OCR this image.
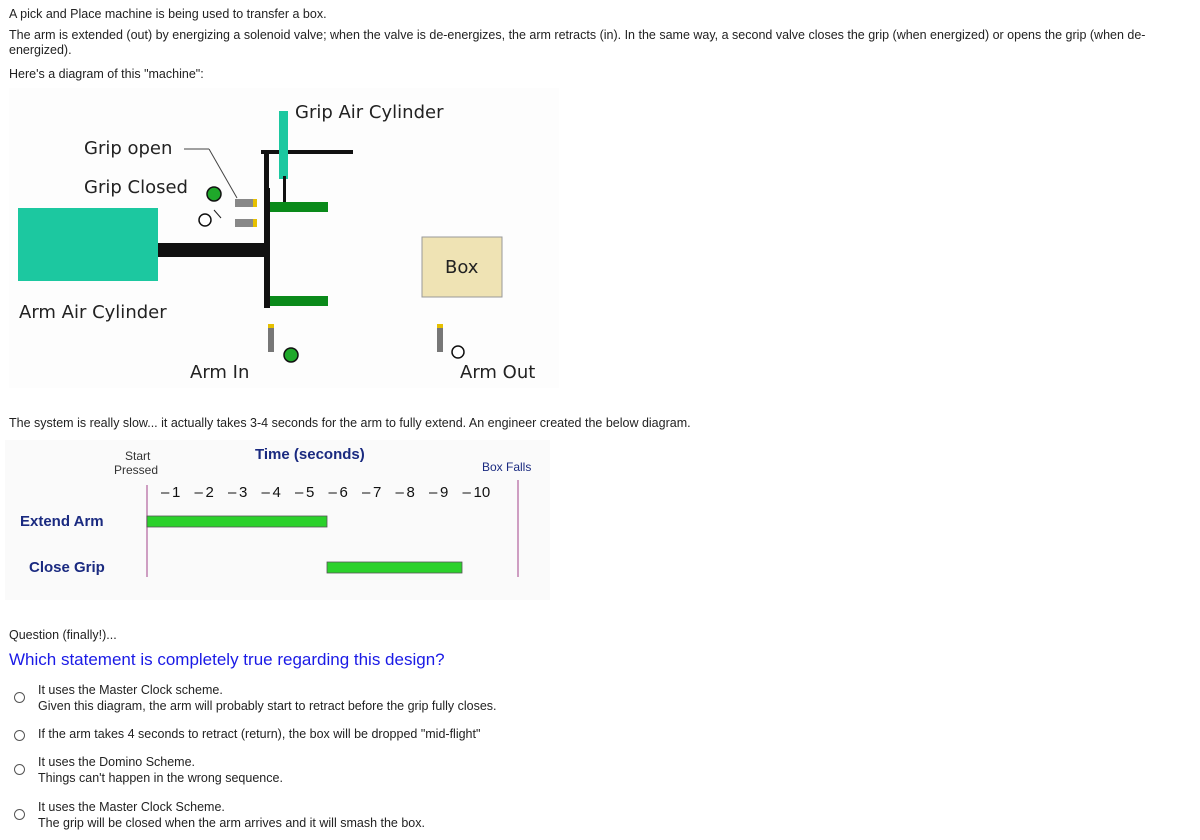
A pick and Place machine is being used to transfer a box.
The arm is extended (out) by energizing a solenoid valve; when the valve is de-energizes, the arm retracts (in). In the same way, a second valve closes the grip (when energized) or opens the grip (when de-energized).
Here's a diagram of this "machine":
Grip Air Cylinder
Grip open
Grip Closed
Box
Arm Air Cylinder
Arm In	Arm Out
The system is really slow... it actually takes 3-4 seconds for the arm to fully extend. An engineer created the below diagram.
Start
Pressed
Time (seconds)
Box Falls
– 1 – 2 – 3 – 4 – 5 – 6 – 7 – 8 – 9 – 10
Extend Arm
Close Grip
Question (finally!)...
Which statement is completely true regarding this design?
It uses the Master Clock scheme.
Given this diagram, the arm will probably start to retract before the grip fully closes.
If the arm takes 4 seconds to retract (return), the box will be dropped "mid-flight"
It uses the Domino Scheme.
Things can't happen in the wrong sequence.
It uses the Master Clock Scheme.
The grip will be closed when the arm arrives and it will smash the box.
